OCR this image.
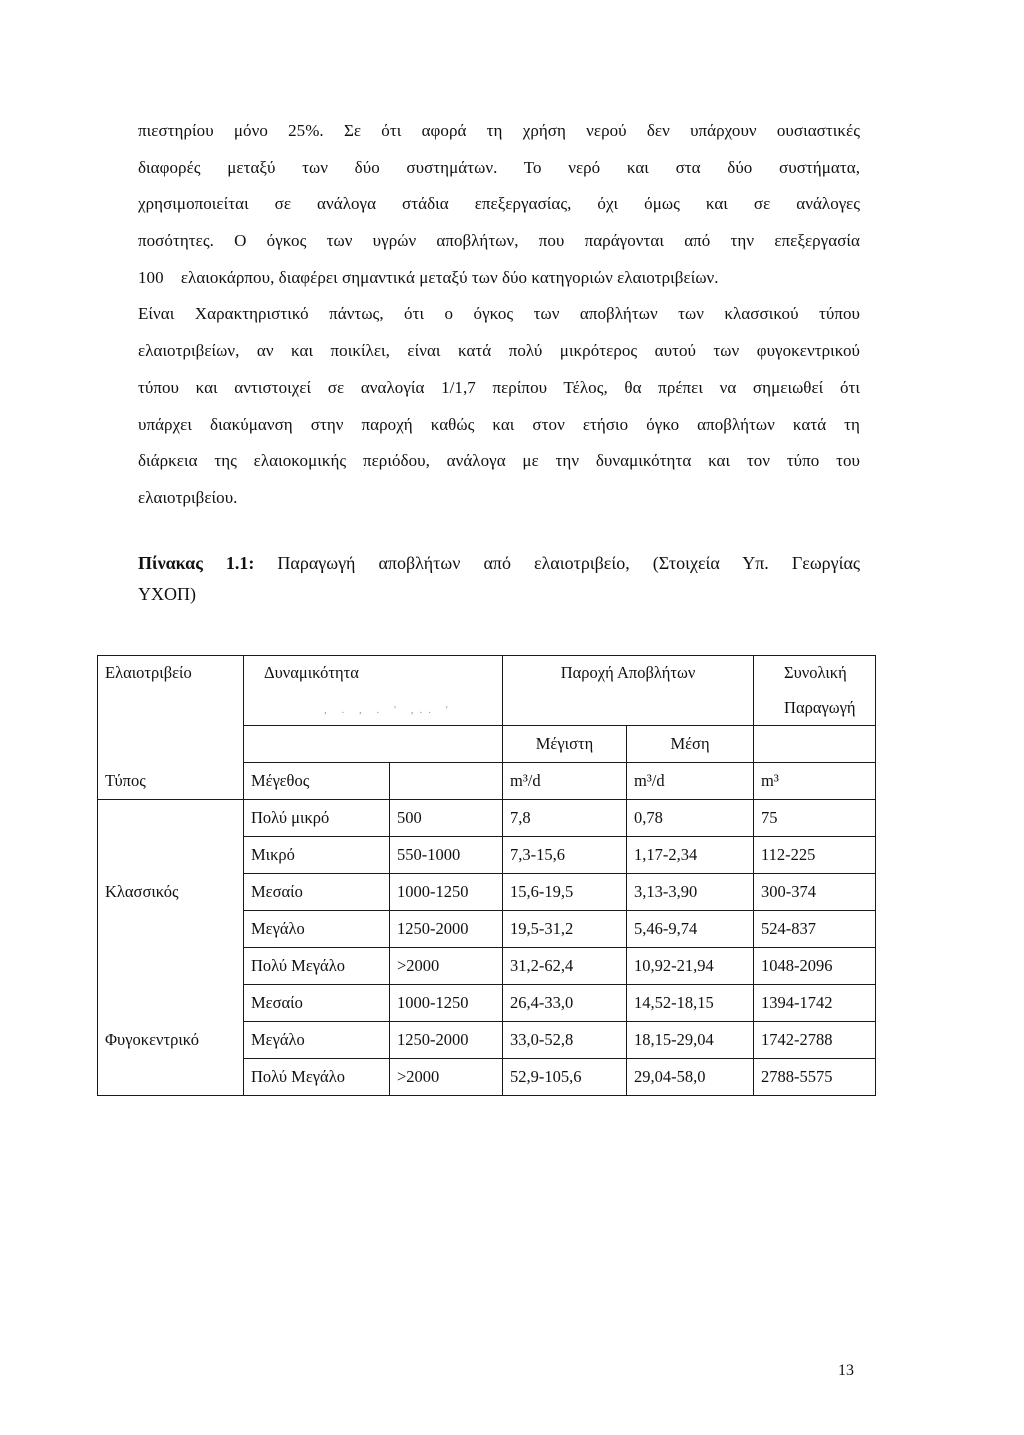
πιεστηρίου μόνο 25%. Σε ότι αφορά τη χρήση νερού δεν υπάρχουν ουσιαστικές
διαφορές μεταξύ των δύο συστημάτων. Το νερό και στα δύο συστήματα,
χρησιμοποιείται σε ανάλογα στάδια επεξεργασίας, όχι όμως και σε ανάλογες
ποσότητες. Ο όγκος των υγρών αποβλήτων, που παράγονται από την επεξεργασία
100    ελαιοκάρπου, διαφέρει σημαντικά μεταξύ των δύο κατηγοριών ελαιοτριβείων.
Είναι Χαρακτηριστικό πάντως, ότι ο όγκος των αποβλήτων των κλασσικού τύπου
ελαιοτριβείων, αν και ποικίλει, είναι κατά πολύ μικρότερος αυτού των φυγοκεντρικού
τύπου και αντιστοιχεί σε αναλογία 1/1,7 περίπου Τέλος, θα πρέπει να σημειωθεί ότι
υπάρχει διακύμανση στην παροχή καθώς και στον ετήσιο όγκο αποβλήτων κατά τη
διάρκεια της ελαιοκομικής περιόδου, ανάλογα με την δυναμικότητα και τον τύπο του
ελαιοτριβείου.
Πίνακας 1.1: Παραγωγή αποβλήτων από ελαιοτριβείο, (Στοιχεία Υπ. Γεωργίας
ΥΧΟΠ)
Ελαιοτριβείο	Δυναμικότητα		Παροχή Αποβλήτων		Συνολική
	, . , . ' ,.. '				Παραγωγή
			Μέγιστη	Μέση	
Τύπος	Μέγεθος		m³/d	m³/d	m³
	Πολύ μικρό	500	7,8	0,78	75
	Μικρό	550-1000	7,3-15,6	1,17-2,34	112-225
Κλασσικός	Μεσαίο	1000-1250	15,6-19,5	3,13-3,90	300-374
	Μεγάλο	1250-2000	19,5-31,2	5,46-9,74	524-837
	Πολύ Μεγάλο	>2000	31,2-62,4	10,92-21,94	1048-2096
	Μεσαίο	1000-1250	26,4-33,0	14,52-18,15	1394-1742
Φυγοκεντρικό	Μεγάλο	1250-2000	33,0-52,8	18,15-29,04	1742-2788
	Πολύ Μεγάλο	>2000	52,9-105,6	29,04-58,0	2788-5575
13
